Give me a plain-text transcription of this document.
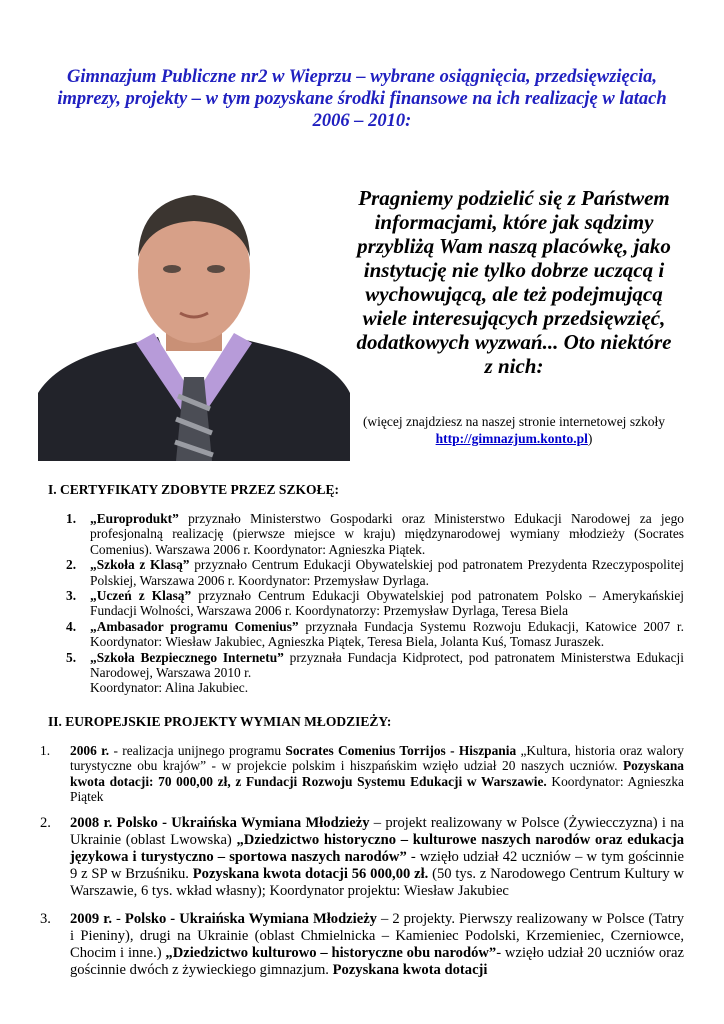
Gimnazjum Publiczne nr2 w Wieprzu – wybrane osiągnięcia, przedsięwzięcia, imprezy, projekty – w tym pozyskane środki finansowe na ich realizację w latach 2006 – 2010:
Pragniemy podzielić się z Państwem informacjami, które jak sądzimy przybliżą Wam naszą placówkę, jako instytucję nie tylko dobrze uczącą i wychowującą, ale też podejmującą wiele interesujących przedsięwzięć, dodatkowych wyzwań... Oto niektóre z nich:
(więcej znajdziesz na naszej stronie internetowej szkoły http://gimnazjum.konto.pl)
I. CERTYFIKATY ZDOBYTE PRZEZ SZKOŁĘ:
1. „Europrodukt” przyznało Ministerstwo Gospodarki oraz Ministerstwo Edukacji Narodowej za jego profesjonalną realizację (pierwsze miejsce w kraju) międzynarodowej wymiany młodzieży (Socrates Comenius). Warszawa 2006 r. Koordynator: Agnieszka Piątek.
2. „Szkoła z Klasą” przyznało Centrum Edukacji Obywatelskiej pod patronatem Prezydenta Rzeczypospolitej Polskiej, Warszawa 2006 r. Koordynator: Przemysław Dyrlaga.
3. „Uczeń z Klasą” przyznało Centrum Edukacji Obywatelskiej pod patronatem Polsko – Amerykańskiej Fundacji Wolności, Warszawa 2006 r. Koordynatorzy: Przemysław Dyrlaga, Teresa Biela
4. „Ambasador programu Comenius” przyznała Fundacja Systemu Rozwoju Edukacji, Katowice 2007 r. Koordynator: Wiesław Jakubiec, Agnieszka Piątek, Teresa Biela, Jolanta Kuś, Tomasz Juraszek.
5. „Szkoła Bezpiecznego Internetu” przyznała Fundacja Kidprotect, pod patronatem Ministerstwa Edukacji Narodowej, Warszawa 2010 r.
Koordynator: Alina Jakubiec.
II. EUROPEJSKIE PROJEKTY WYMIAN MŁODZIEŻY:
1. 2006 r. - realizacja unijnego programu Socrates Comenius Torrijos - Hiszpania „Kultura, historia oraz walory turystyczne obu krajów” - w projekcie polskim i hiszpańskim wzięło udział 20 naszych uczniów. Pozyskana kwota dotacji: 70 000,00 zł, z Fundacji Rozwoju Systemu Edukacji w Warszawie. Koordynator: Agnieszka Piątek
2. 2008 r. Polsko - Ukraińska Wymiana Młodzieży – projekt realizowany w Polsce (Żywiecczyzna) i na Ukrainie (oblast Lwowska) „Dziedzictwo historyczno – kulturowe naszych narodów oraz edukacja językowa i turystyczno – sportowa naszych narodów” - wzięło udział 42 uczniów – w tym gościnnie 9 z SP w Brzuśniku. Pozyskana kwota dotacji 56 000,00 zł. (50 tys. z Narodowego Centrum Kultury w Warszawie, 6 tys. wkład własny); Koordynator projektu: Wiesław Jakubiec
3. 2009 r. - Polsko - Ukraińska Wymiana Młodzieży – 2 projekty. Pierwszy realizowany w Polsce (Tatry i Pieniny), drugi na Ukrainie (oblast Chmielnicka – Kamieniec Podolski, Krzemieniec, Czerniowce, Chocim i inne.) „Dziedzictwo kulturowo – historyczne obu narodów”- wzięło udział 20 uczniów oraz gościnnie dwóch z żywieckiego gimnazjum. Pozyskana kwota dotacji
